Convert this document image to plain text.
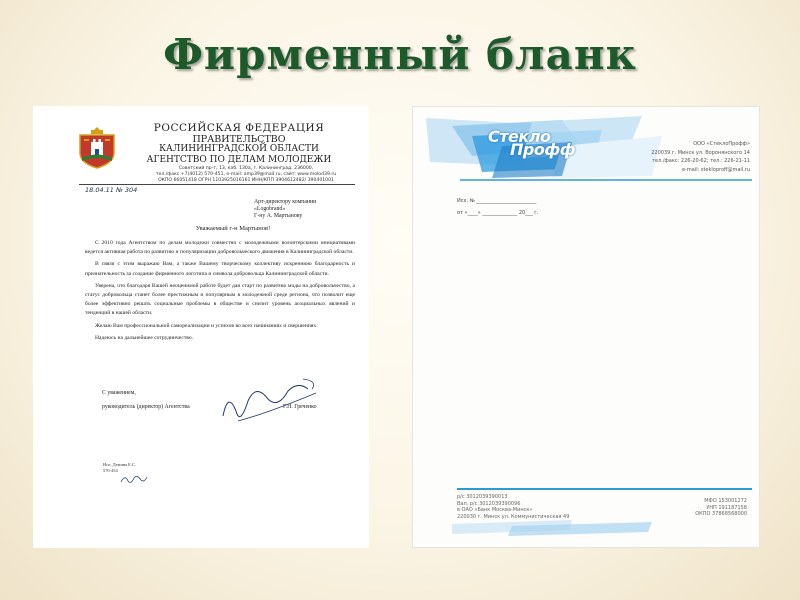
Фирменный бланк
РОССИЙСКАЯ ФЕДЕРАЦИЯ
ПРАВИТЕЛЬСТВО
КАЛИНИНГРАДСКОЙ ОБЛАСТИ
АГЕНТСТВО ПО ДЕЛАМ МОЛОДЕЖИ
Советский пр-т, 13, каб. 130а, г. Калининград, 236000,
тел./факс +7(4012) 570-451, e-mail: amp39@mail.ru, сайт: www.molod39.ru
ОКПО 66051418 ОГРН 1103925016161 ИНН/КПП 3904612482/ 390401001
18.04.11 № 304
Арт-директору компании
«Logobrand»
Г-ну А. Мартынову
Уважаемый г-н Мартынов!

С 2010 года Агентством по делам молодежи совместно с молодежными волонтерскими инициативами ведется активная работа по развитию и популяризации добровольческого движения в Калининградской области.

В связи с этим выражаю Вам, а также Вашему творческому коллективу искреннюю благодарность и признательность за создание фирменного логотипа и символа добровольца Калининградской области.

Уверена, что благодаря Вашей неоценимой работе будет дан старт по развитию моды на добровольчество, а статус добровольца станет более престижным и популярным в молодежной среде региона, что позволит еще более эффективно решать социальные проблемы в обществе и снизит уровень асоциальных явлений и тенденций в нашей области.

Желаю Вам профессиональной самореализации и успехов во всех начинаниях и свершениях.

Надеюсь на дальнейшее сотрудничество.

С уважением,
руководитель (директор) Агентства	Г.Н. Греченко
Исп. Демина Е.С.
570-454
Стекло
Профф	ООО «СтеклоПрофф»
220039 г. Минск ул. Воронянского 14
тел./факс: 226-20-62; тел.: 226-21-11
e-mail: stekloproff@mail.ru
Исх. № ________________________
от «____» ______________ 20___ г.
р/с 3012039390013
Вал. р/с 3012039390096
в ОАО «Банк Москва-Минск»
220030 г. Минск ул. Коммунистическая 49
МФО 153001272
УНП 191187158
ОКПО 37868568000
